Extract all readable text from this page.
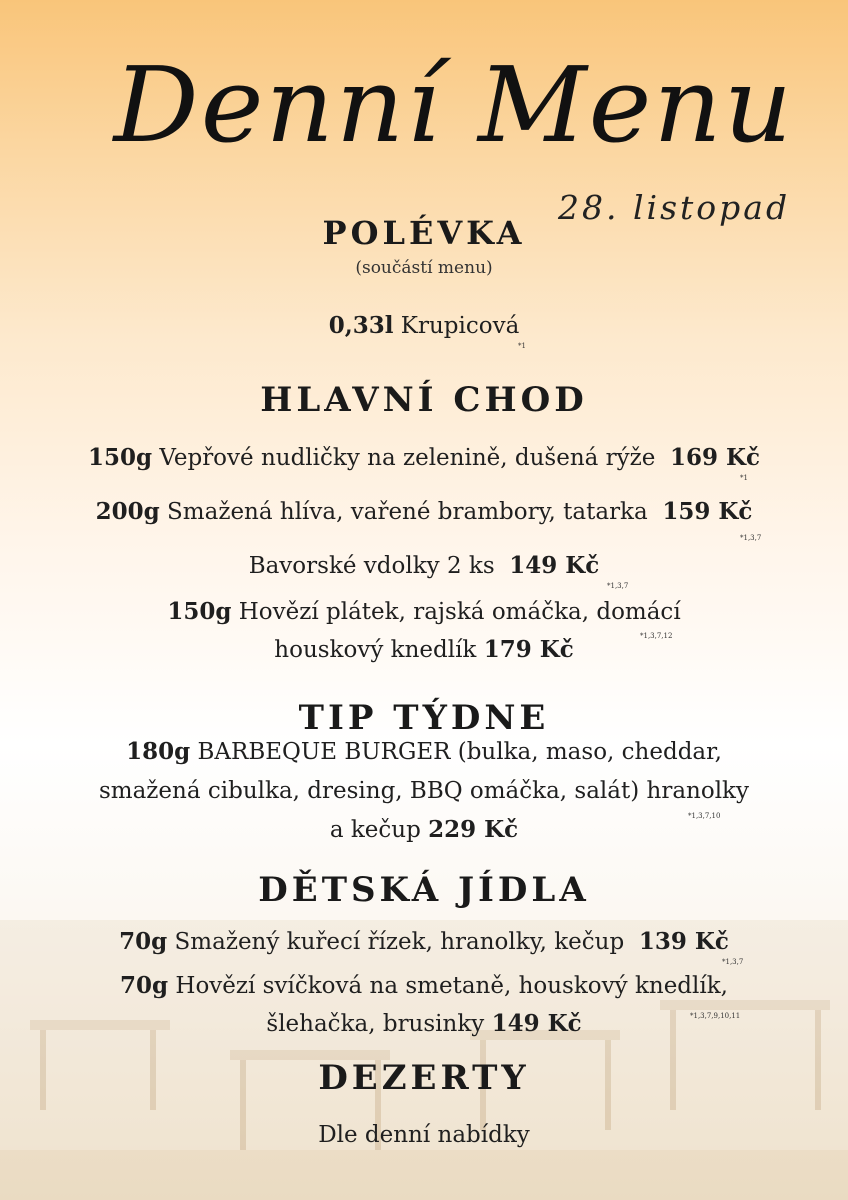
Denní Menu
28. listopad
POLÉVKA
(součástí menu)
0,33l Krupicová
*1
HLAVNÍ CHOD
150g Vepřové nudličky na zelenině, dušená rýže 169 Kč
*1
200g Smažená hlíva, vařené brambory, tatarka 159 Kč
*1,3,7
Bavorské vdolky 2 ks 149 Kč
*1,3,7
150g Hovězí plátek, rajská omáčka, domácí
houskový knedlík 179 Kč	*1,3,7,12
TIP TÝDNE
180g BARBEQUE BURGER (bulka, maso, cheddar,
smažená cibulka, dresing, BBQ omáčka, salát) hranolky
a kečup 229 Kč	*1,3,7,10
DĚTSKÁ JÍDLA
70g Smažený kuřecí řízek, hranolky, kečup 139 Kč
*1,3,7
70g Hovězí svíčková na smetaně, houskový knedlík,
šlehačka, brusinky 149 Kč	*1,3,7,9,10,11
DEZERTY
Dle denní nabídky
